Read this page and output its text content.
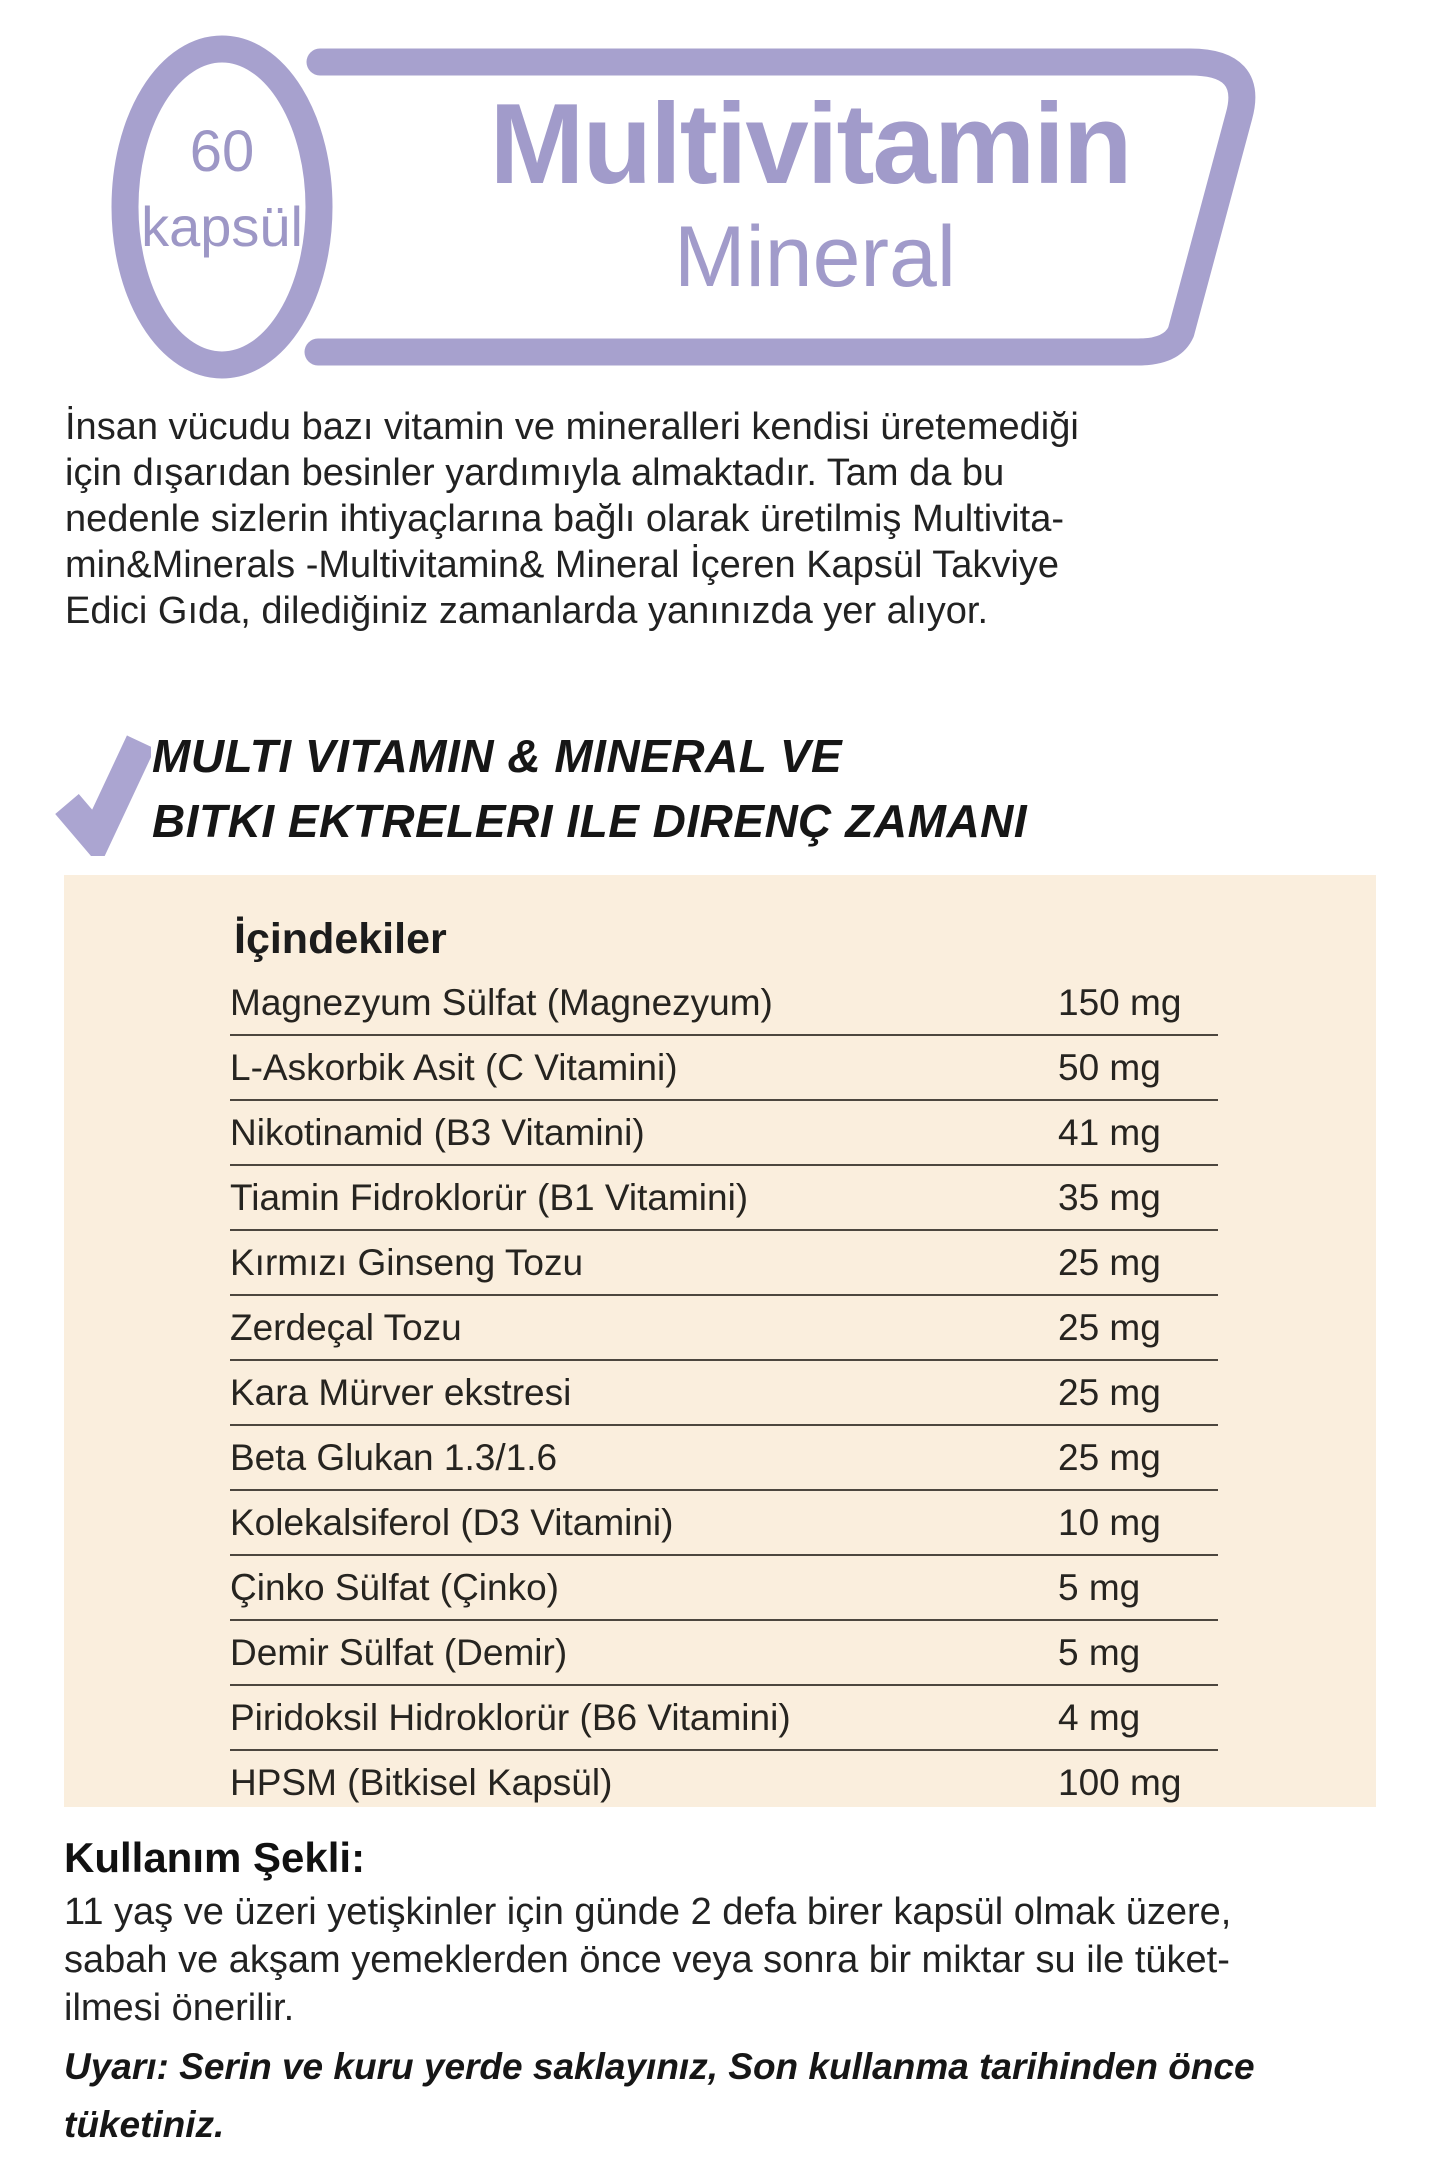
60
kapsül
Multivitamin
Mineral
İnsan vücudu bazı vitamin ve mineralleri kendisi üretemediği
için dışarıdan besinler yardımıyla almaktadır. Tam da bu
nedenle sizlerin ihtiyaçlarına bağlı olarak üretilmiş Multivita-
min&Minerals -Multivitamin& Mineral İçeren Kapsül Takviye
Edici Gıda, dilediğiniz zamanlarda yanınızda yer alıyor.
MULTI VITAMIN & MINERAL VE
BITKI EKTRELERI ILE DIRENÇ ZAMANI
İçindekiler
Magnezyum Sülfat (Magnezyum)	150 mg
L-Askorbik Asit (C Vitamini)	50 mg
Nikotinamid (B3 Vitamini)	41 mg
Tiamin Fidroklorür (B1 Vitamini)	35 mg
Kırmızı Ginseng Tozu	25 mg
Zerdeçal Tozu	25 mg
Kara Mürver ekstresi	25 mg
Beta Glukan 1.3/1.6	25 mg
Kolekalsiferol (D3 Vitamini)	10 mg
Çinko Sülfat (Çinko)	5 mg
Demir Sülfat (Demir)	5 mg
Piridoksil Hidroklorür (B6 Vitamini)	4 mg
HPSM (Bitkisel Kapsül)	100 mg
Kullanım Şekli:
11 yaş ve üzeri yetişkinler için günde 2 defa birer kapsül olmak üzere,
sabah ve akşam yemeklerden önce veya sonra bir miktar su ile tüket-
ilmesi önerilir.
Uyarı: Serin ve kuru yerde saklayınız, Son kullanma tarihinden önce
tüketiniz.
